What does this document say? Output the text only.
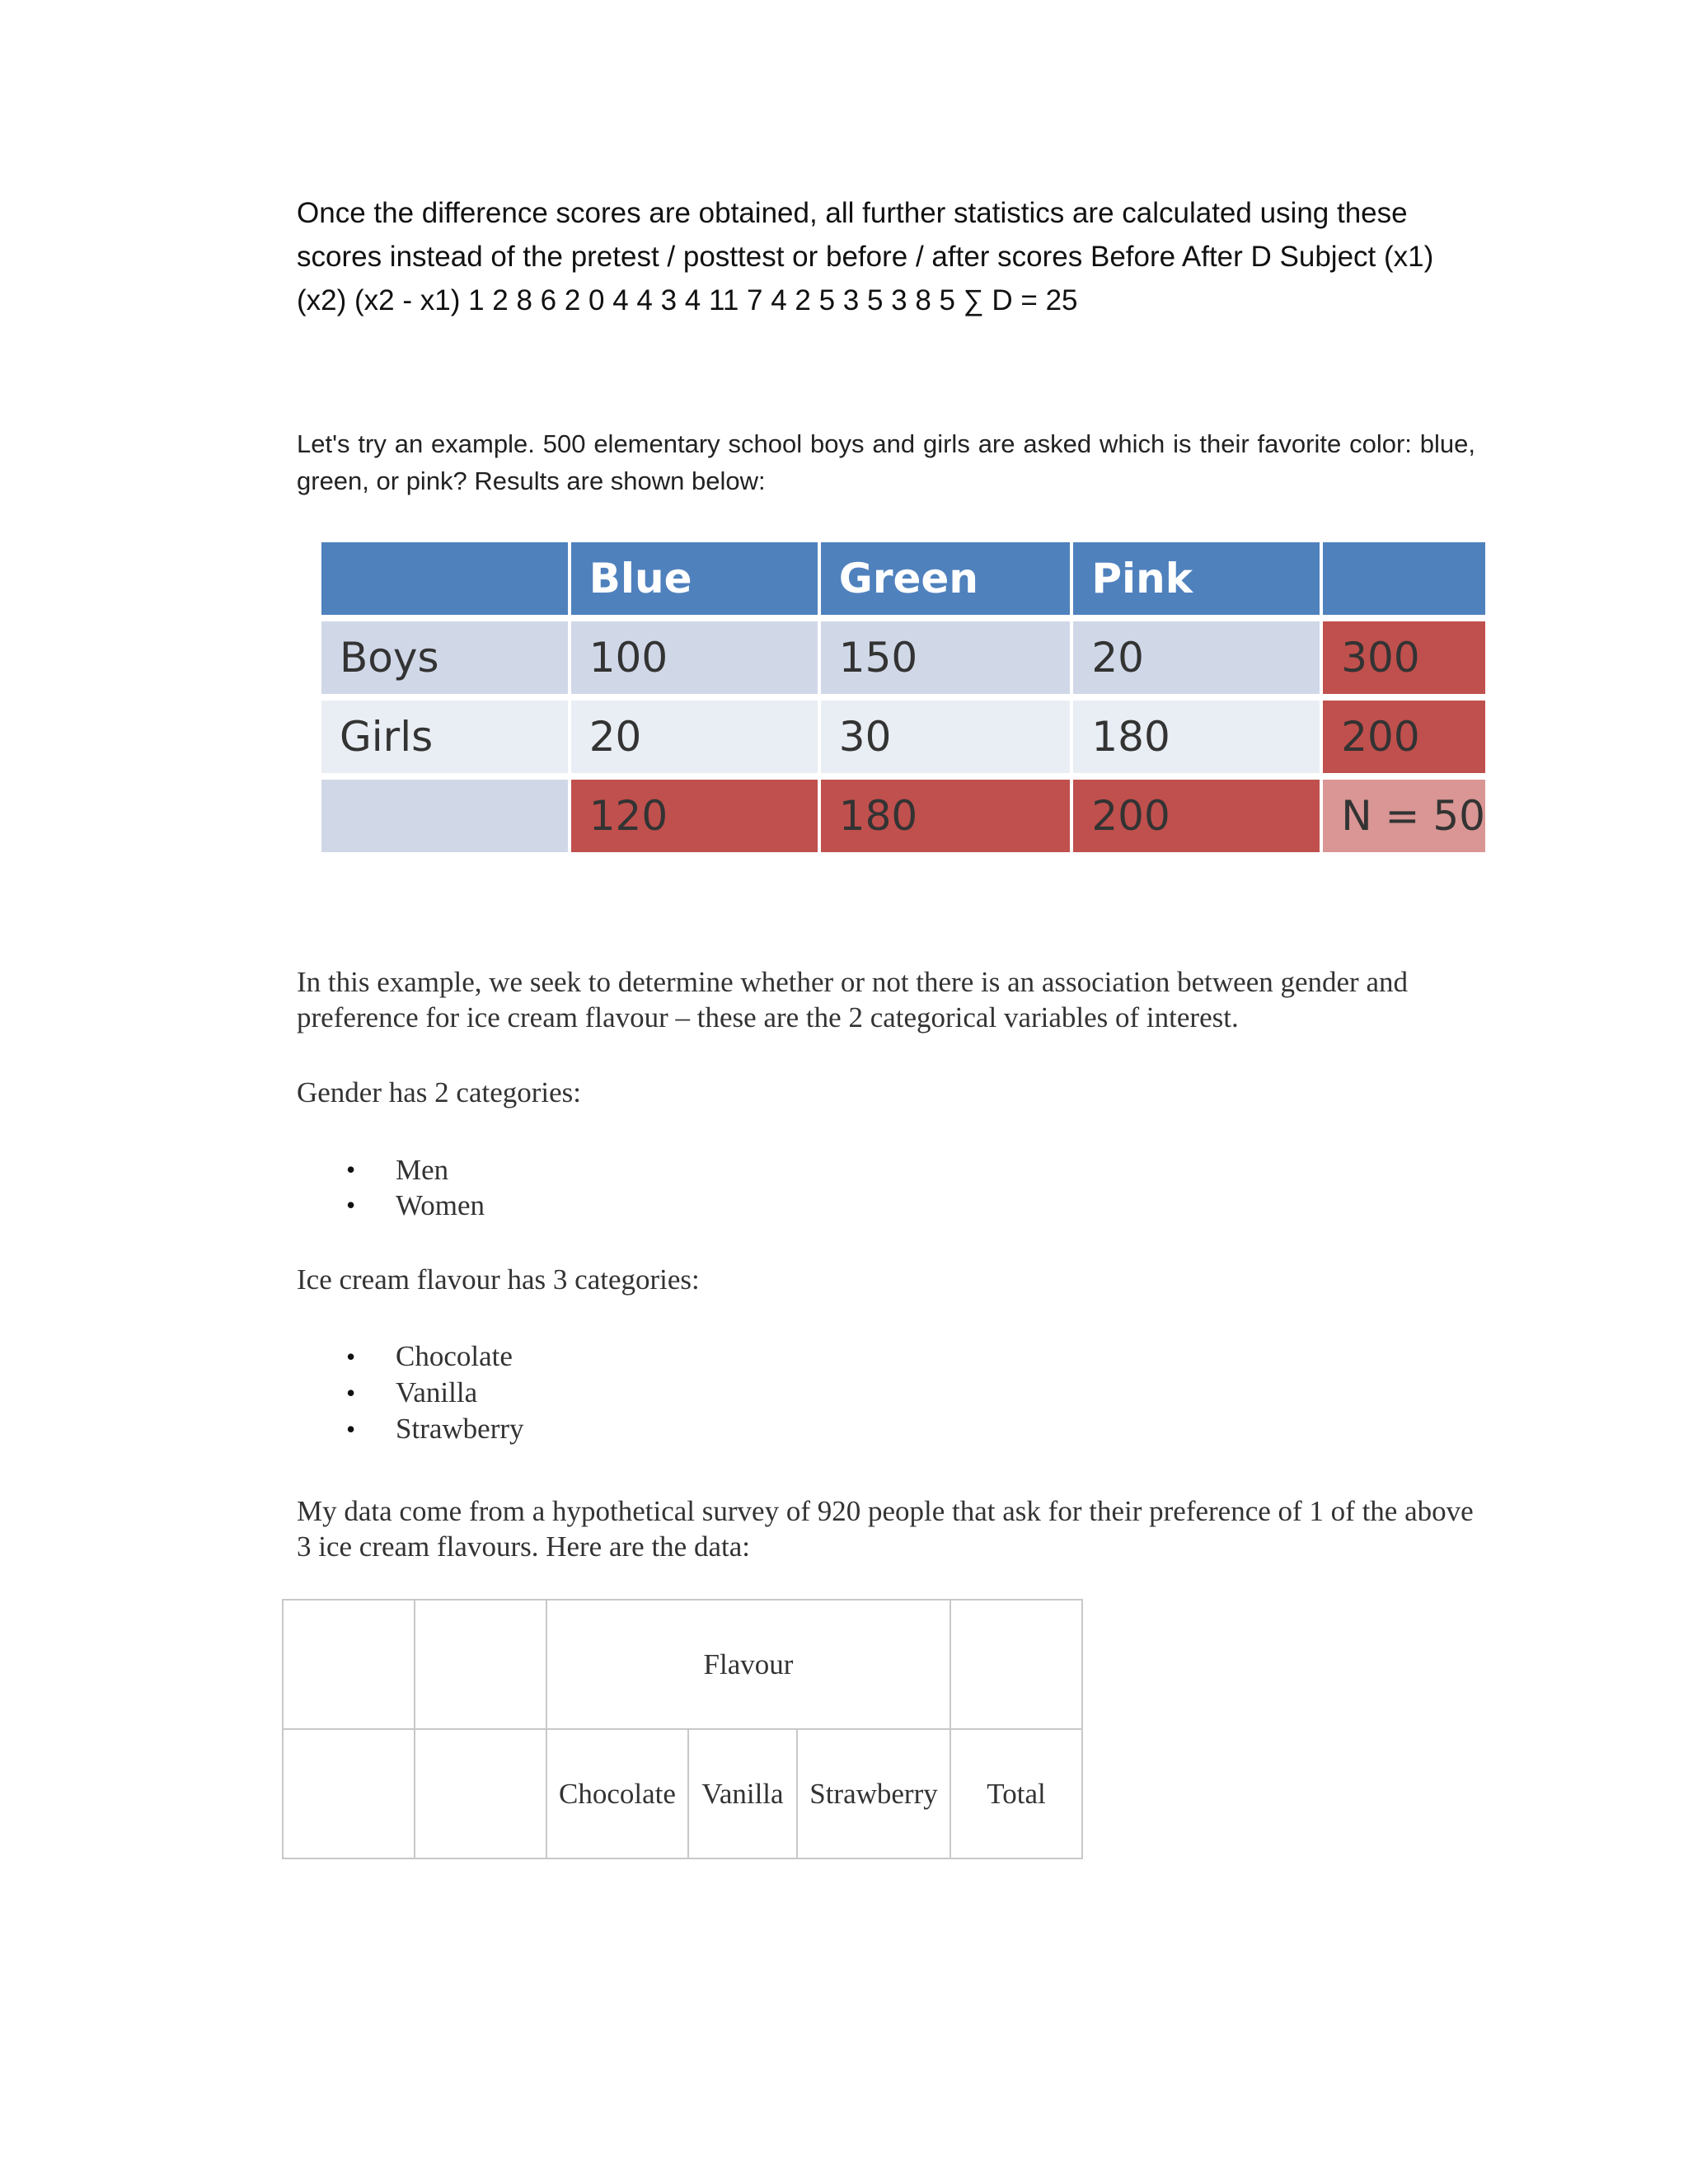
Once the difference scores are obtained, all further statistics are calculated using these scores instead of the pretest / posttest or before / after scores Before After D Subject (x1) (x2) (x2 - x1) 1 2 8 6 2 0 4 4 3 4 11 7 4 2 5 3 5 3 8 5 ∑ D = 25
Let's try an example. 500 elementary school boys and girls are asked which is their favorite color: blue, green, or pink? Results are shown below:
	Blue	Green	Pink	

Boys	100	150	20	300

Girls	20	30	180	200

	120	180	200	N = 50
In this example, we seek to determine whether or not there is an association between gender and preference for ice cream flavour – these are the 2 categorical variables of interest.
Gender has 2 categories:
• Men
• Women
Ice cream flavour has 3 categories:
• Chocolate
• Vanilla
• Strawberry
My data come from a hypothetical survey of 920 people that ask for their preference of 1 of the above 3 ice cream flavours. Here are the data:
		Flavour			
		Chocolate	Vanilla	Strawberry	Total
